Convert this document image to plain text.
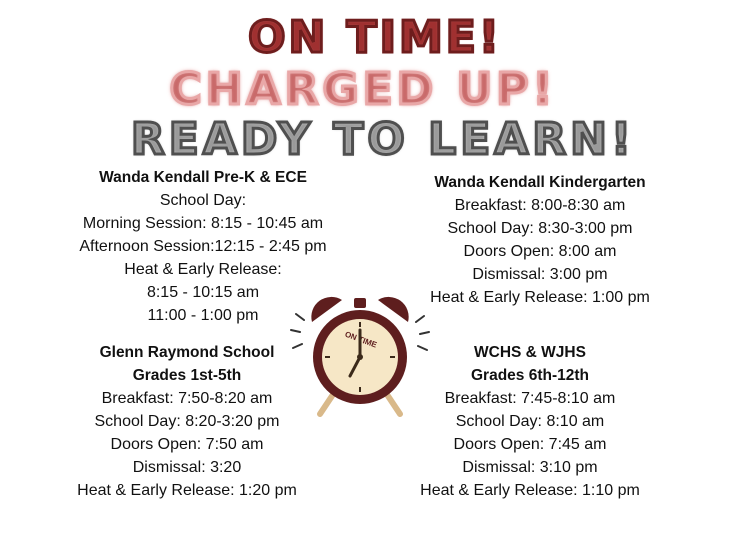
ON TIME!
CHARGED UP!
READY TO LEARN!
Wanda Kendall Pre-K & ECE
School Day:
Morning Session: 8:15 - 10:45 am
Afternoon Session:12:15 - 2:45 pm
Heat & Early Release:
8:15 - 10:15 am
11:00 - 1:00 pm
Wanda Kendall Kindergarten
Breakfast: 8:00-8:30 am
School Day: 8:30-3:00 pm
Doors Open: 8:00 am
Dismissal: 3:00 pm
Heat & Early Release: 1:00 pm
Glenn Raymond School
Grades 1st-5th
Breakfast: 7:50-8:20 am
School Day: 8:20-3:20 pm
Doors Open: 7:50 am
Dismissal: 3:20
Heat & Early Release: 1:20 pm
WCHS & WJHS
Grades 6th-12th
Breakfast: 7:45-8:10 am
School Day: 8:10 am
Doors Open: 7:45 am
Dismissal: 3:10 pm
Heat & Early Release: 1:10 pm
ON TIME
